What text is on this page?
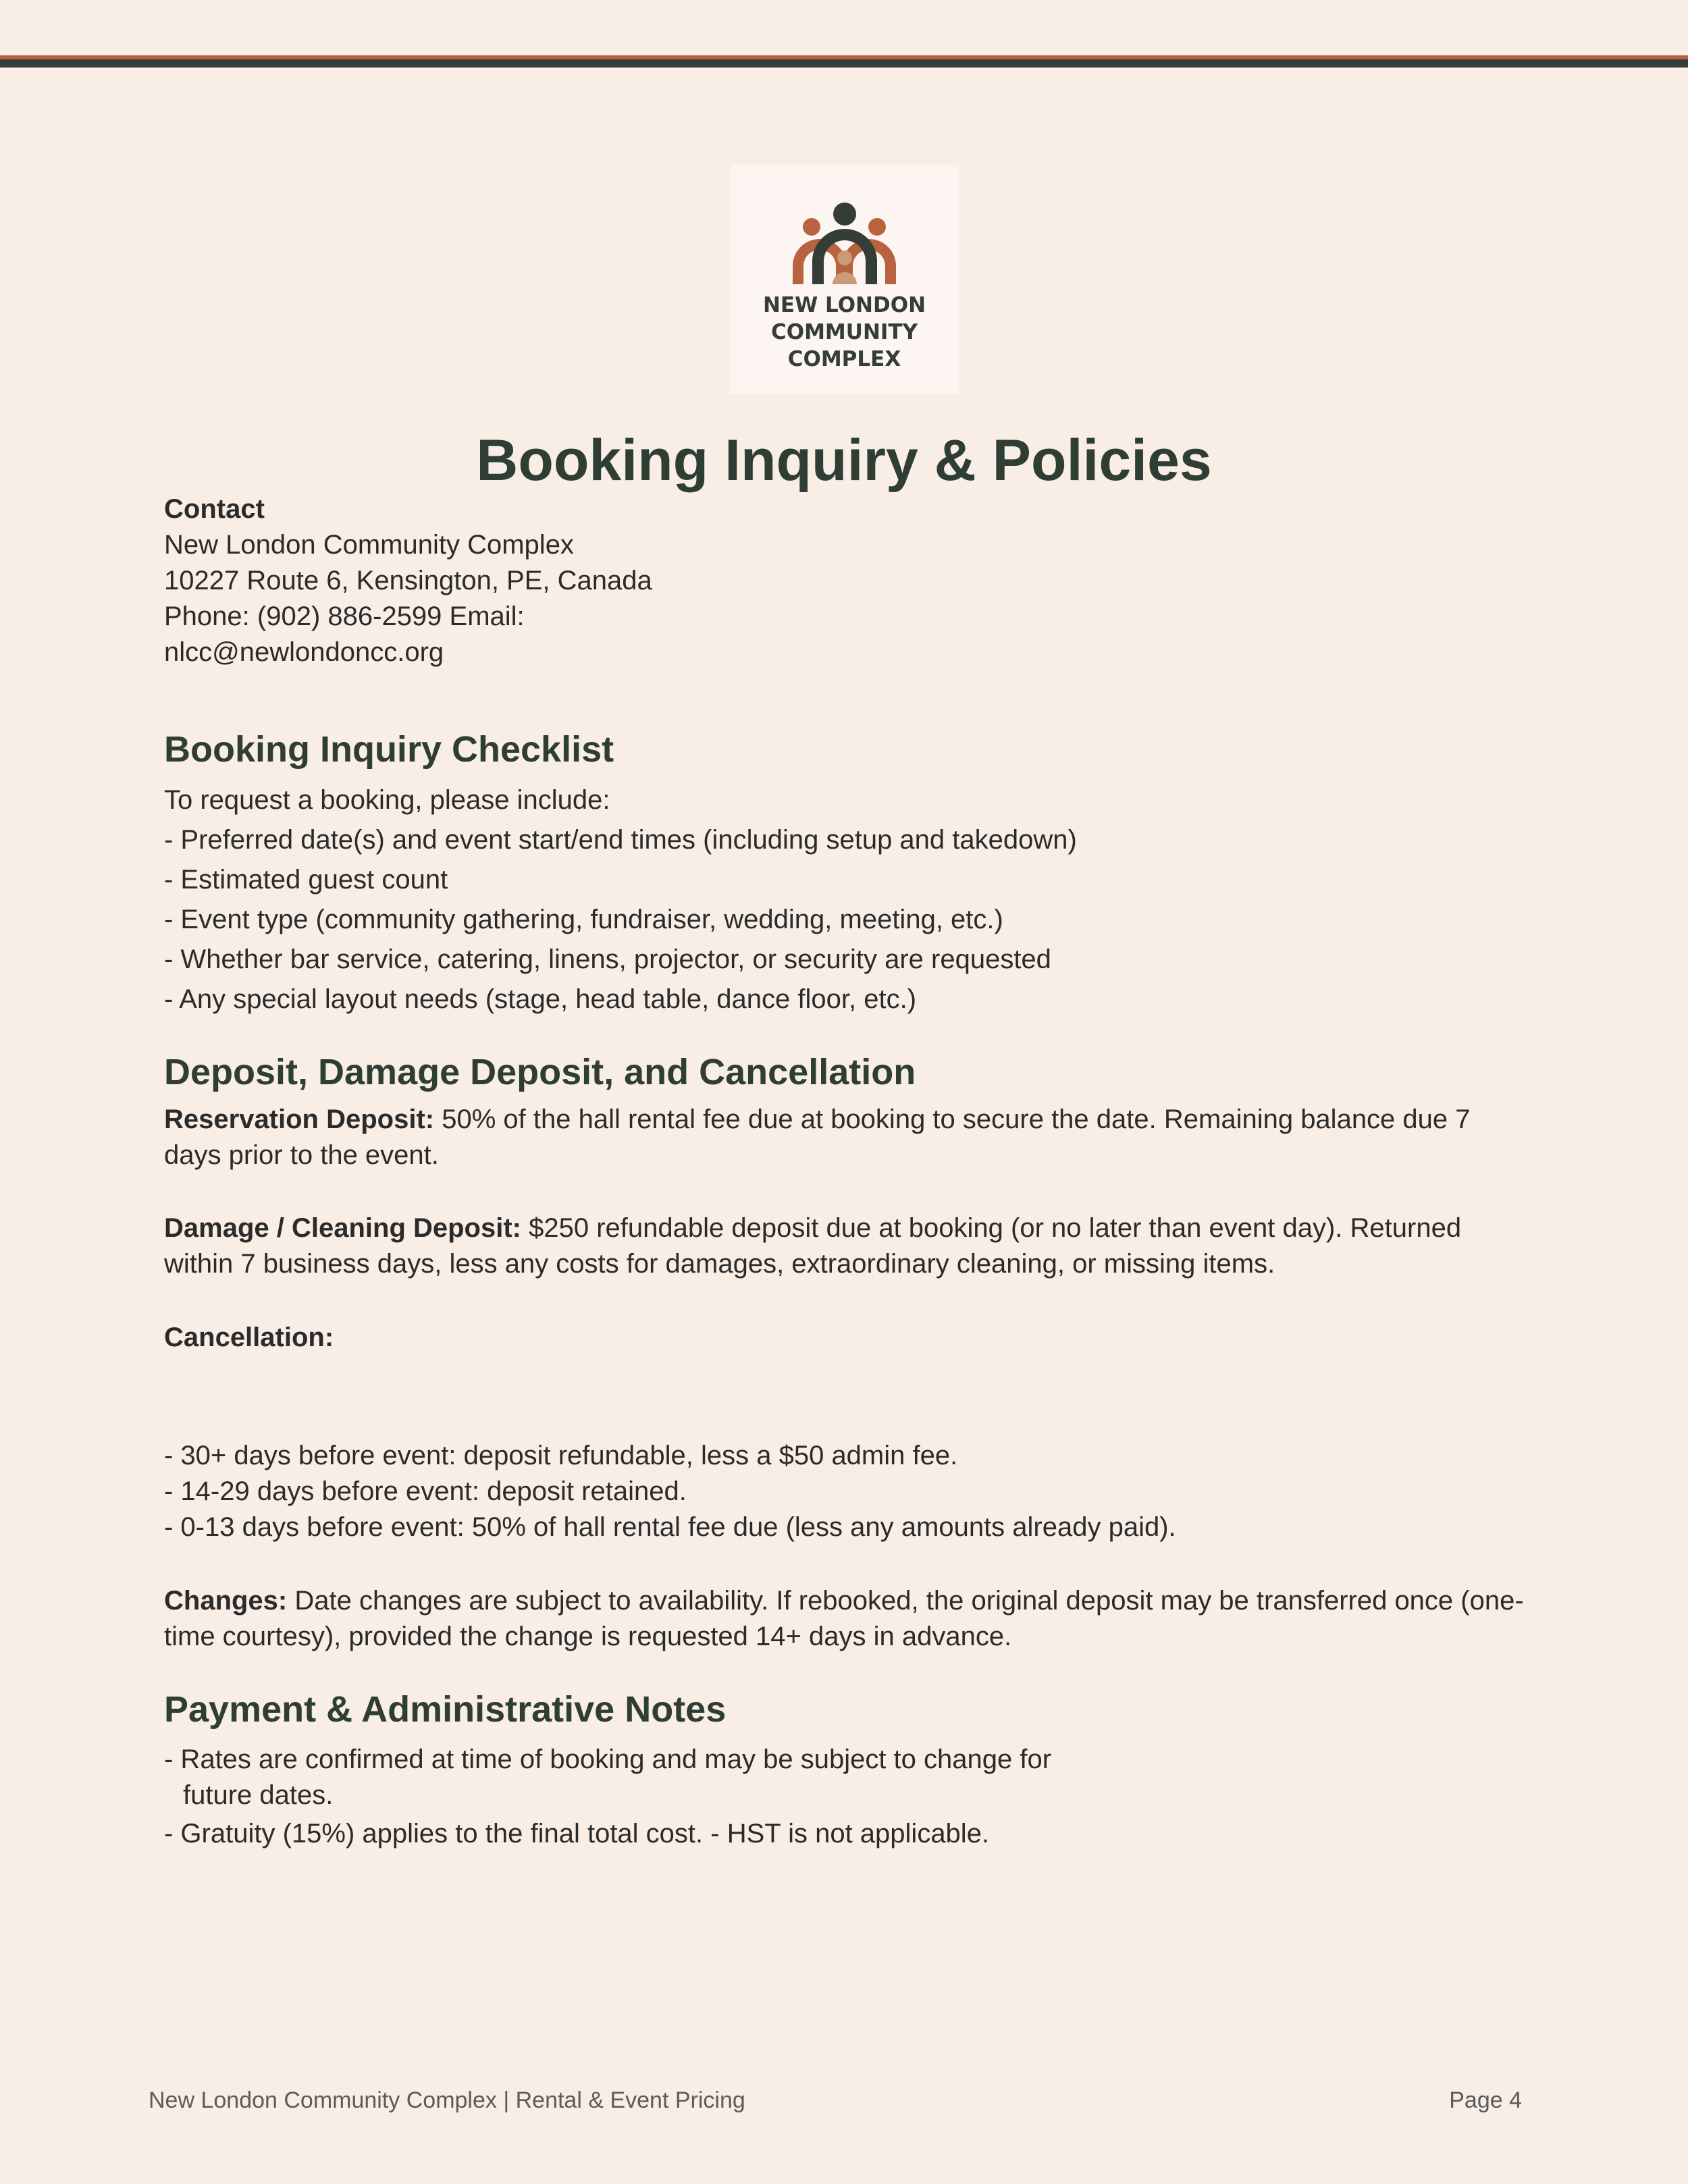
NEW LONDON
COMMUNITY
COMPLEX
Booking Inquiry & Policies
Contact
New London Community Complex
10227 Route 6, Kensington, PE, Canada
Phone: (902) 886-2599 Email:
nlcc@newlondoncc.org
Booking Inquiry Checklist
To request a booking, please include:
- Preferred date(s) and event start/end times (including setup and takedown)
- Estimated guest count
- Event type (community gathering, fundraiser, wedding, meeting, etc.)
- Whether bar service, catering, linens, projector, or security are requested
- Any special layout needs (stage, head table, dance floor, etc.)
Deposit, Damage Deposit, and Cancellation
Reservation Deposit: 50% of the hall rental fee due at booking to secure the date. Remaining balance due 7 days prior to the event.
Damage / Cleaning Deposit: $250 refundable deposit due at booking (or no later than event day). Returned within 7 business days, less any costs for damages, extraordinary cleaning, or missing items.
Cancellation:
- 30+ days before event: deposit refundable, less a $50 admin fee.
- 14-29 days before event: deposit retained.
- 0-13 days before event: 50% of hall rental fee due (less any amounts already paid).
Changes: Date changes are subject to availability. If rebooked, the original deposit may be transferred once (one-time courtesy), provided the change is requested 14+ days in advance.
Payment & Administrative Notes
- Rates are confirmed at time of booking and may be subject to change for
future dates.
- Gratuity (15%) applies to the final total cost. - HST is not applicable.
New London Community Complex | Rental & Event Pricing	Page 4
